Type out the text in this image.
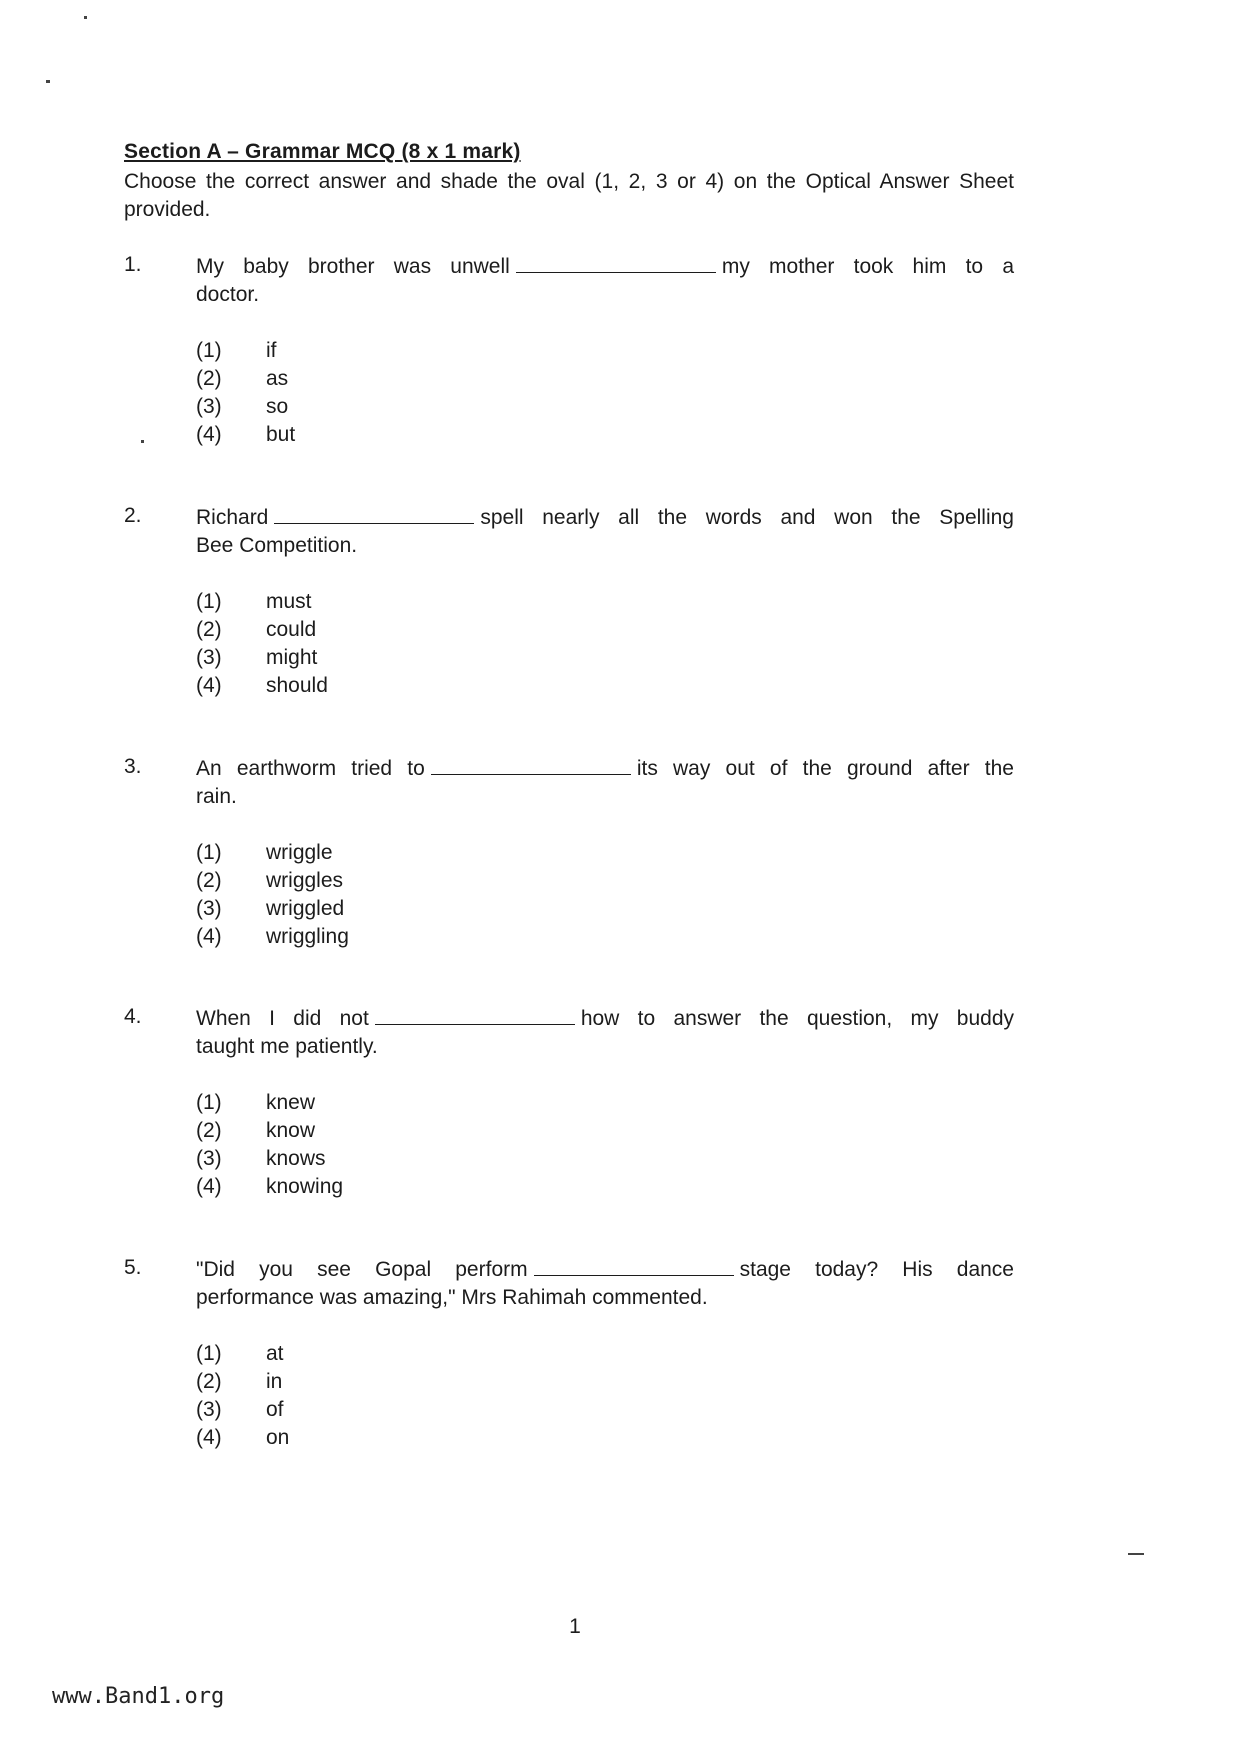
Section A – Grammar MCQ (8 x 1 mark)
Choose the correct answer and shade the oval (1, 2, 3 or 4) on the Optical Answer Sheet provided.
1.	My baby brother was unwell	my mother took him to a
doctor.
(1) if
(2) as
(3) so
(4) but
2.	Richard	spell nearly all the words and won the Spelling
Bee Competition.
(1) must
(2) could
(3) might
(4) should
3.	An earthworm tried to	its way out of the ground after the
rain.
(1) wriggle
(2) wriggles
(3) wriggled
(4) wriggling
4.	When I did not	how to answer the question, my buddy
taught me patiently.
(1) knew
(2) know
(3) knows
(4) knowing
5.	"Did you see Gopal perform	stage today? His dance
performance was amazing," Mrs Rahimah commented.
(1) at
(2) in
(3) of
(4) on
1
www.Band1.org
